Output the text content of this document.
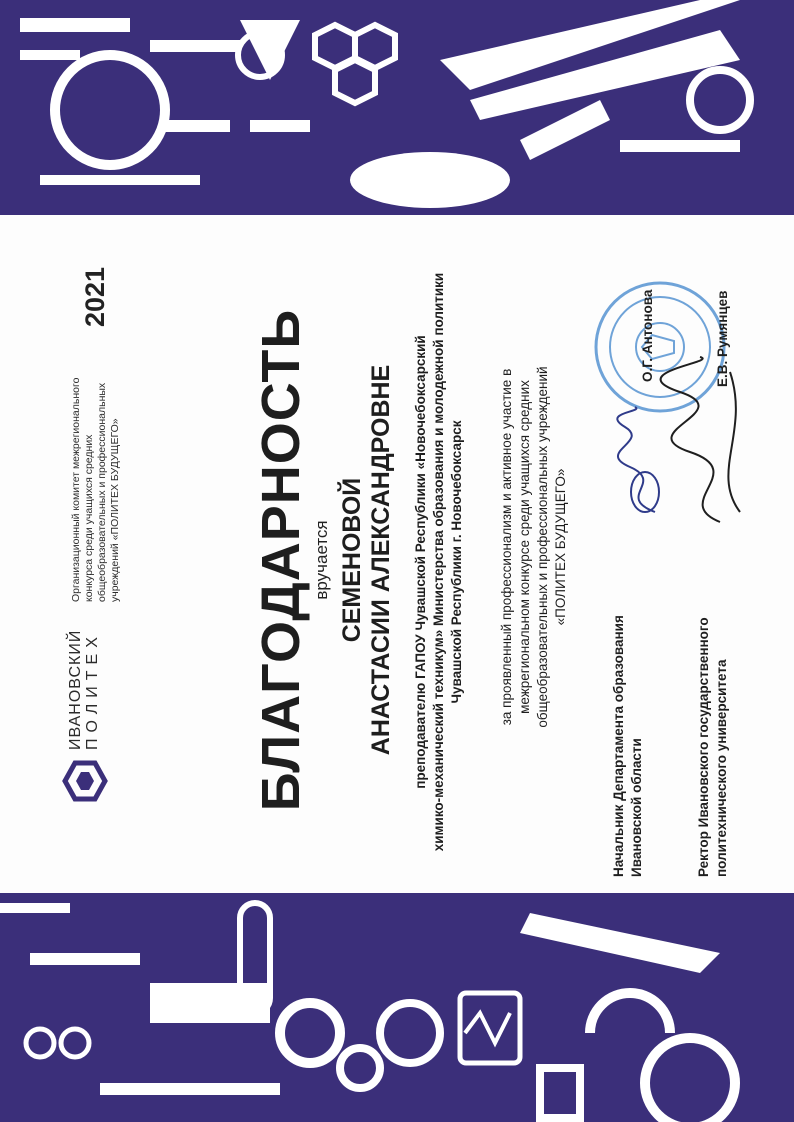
ИВАНОВСКИЙ ПОЛИТЕХ
Организационный комитет межрегионального конкурса среди учащихся средних общеобразовательных и профессиональных учреждений «ПОЛИТЕХ БУДУЩЕГО»
2021
БЛАГОДАРНОСТЬ вручается СЕМЕНОВОЙ АНАСТАСИИ АЛЕКСАНДРОВНЕ преподавателю ГАПОУ Чувашской Республики «Новочебоксарский химико-механический техникум» Министерства образования и молодежной политики Чувашской Республики г. Новочебоксарск	за проявленный профессионализм и активное участие в межрегиональном конкурсе среди учащихся средних общеобразовательных и профессиональных учреждений «ПОЛИТЕХ БУДУЩЕГО»
Начальник Департамента образования Ивановской области
О.Г. Антонова
Ректор Ивановского государственного политехнического университета
Е.В. Румянцев
